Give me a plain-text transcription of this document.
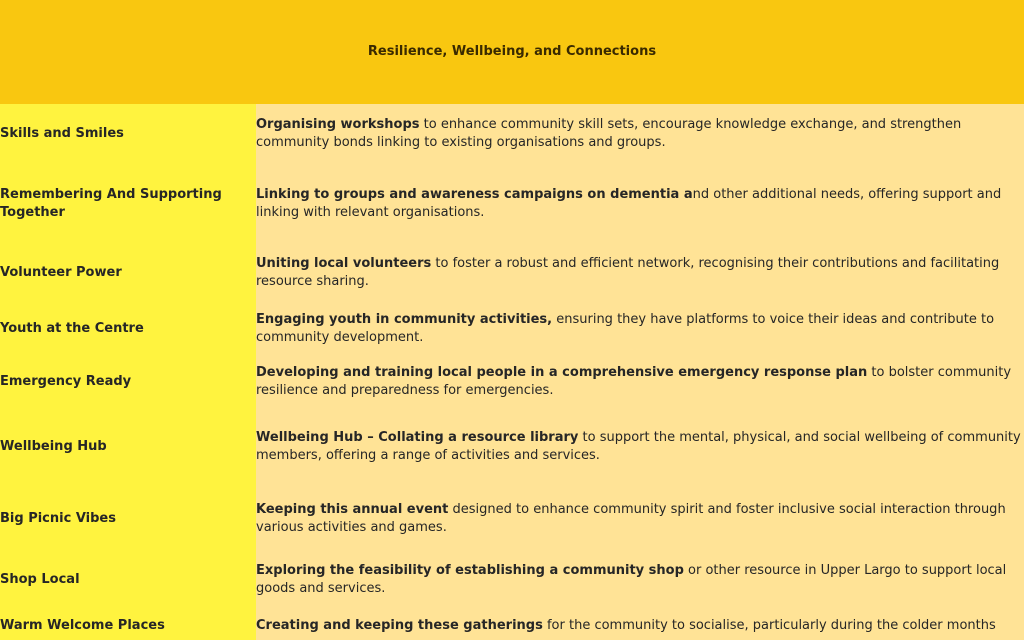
Resilience, Wellbeing, and Connections
Skills and Smiles
Organising workshops to enhance community skill sets, encourage knowledge exchange, and strengthen community bonds linking to existing organisations and groups.
Remembering And Supporting Together
Linking to groups and awareness campaigns on dementia and other additional needs, offering support and linking with relevant organisations.
Volunteer Power
Uniting local volunteers to foster a robust and efficient network, recognising their contributions and facilitating resource sharing.
Youth at the Centre
Engaging youth in community activities, ensuring they have platforms to voice their ideas and contribute to community development.
Emergency Ready
Developing and training local people in a comprehensive emergency response plan to bolster community resilience and preparedness for emergencies.
Wellbeing Hub
Wellbeing Hub – Collating a resource library to support the mental, physical, and social wellbeing of community members, offering a range of activities and services.
Big Picnic Vibes
Keeping this annual event designed to enhance community spirit and foster inclusive social interaction through various activities and games.
Shop Local
Exploring the feasibility of establishing a community shop or other resource in Upper Largo to support local goods and services.
Warm Welcome Places	Creating and keeping these gatherings for the community to socialise, particularly during the colder months
